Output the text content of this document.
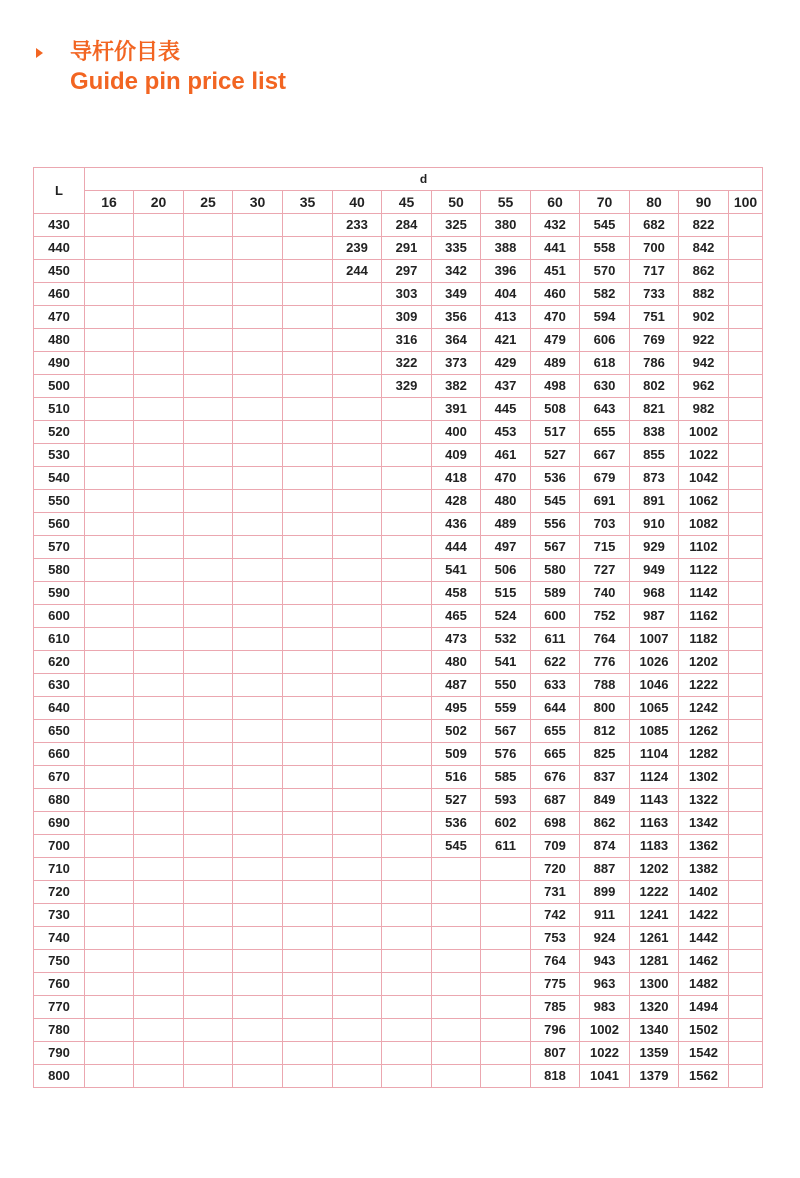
导杆价目表
Guide pin price list
L	d													
	16	20	25	30	35	40	45	50	55	60	70	80	90	100
430						233	284	325	380	432	545	682	822	
440						239	291	335	388	441	558	700	842	
450						244	297	342	396	451	570	717	862	
460							303	349	404	460	582	733	882	
470							309	356	413	470	594	751	902	
480							316	364	421	479	606	769	922	
490							322	373	429	489	618	786	942	
500							329	382	437	498	630	802	962	
510								391	445	508	643	821	982	
520								400	453	517	655	838	1002	
530								409	461	527	667	855	1022	
540								418	470	536	679	873	1042	
550								428	480	545	691	891	1062	
560								436	489	556	703	910	1082	
570								444	497	567	715	929	1102	
580								541	506	580	727	949	1122	
590								458	515	589	740	968	1142	
600								465	524	600	752	987	1162	
610								473	532	611	764	1007	1182	
620								480	541	622	776	1026	1202	
630								487	550	633	788	1046	1222	
640								495	559	644	800	1065	1242	
650								502	567	655	812	1085	1262	
660								509	576	665	825	1104	1282	
670								516	585	676	837	1124	1302	
680								527	593	687	849	1143	1322	
690								536	602	698	862	1163	1342	
700								545	611	709	874	1183	1362	
710										720	887	1202	1382	
720										731	899	1222	1402	
730										742	911	1241	1422	
740										753	924	1261	1442	
750										764	943	1281	1462	
760										775	963	1300	1482	
770										785	983	1320	1494	
780										796	1002	1340	1502	
790										807	1022	1359	1542	
800										818	1041	1379	1562	
